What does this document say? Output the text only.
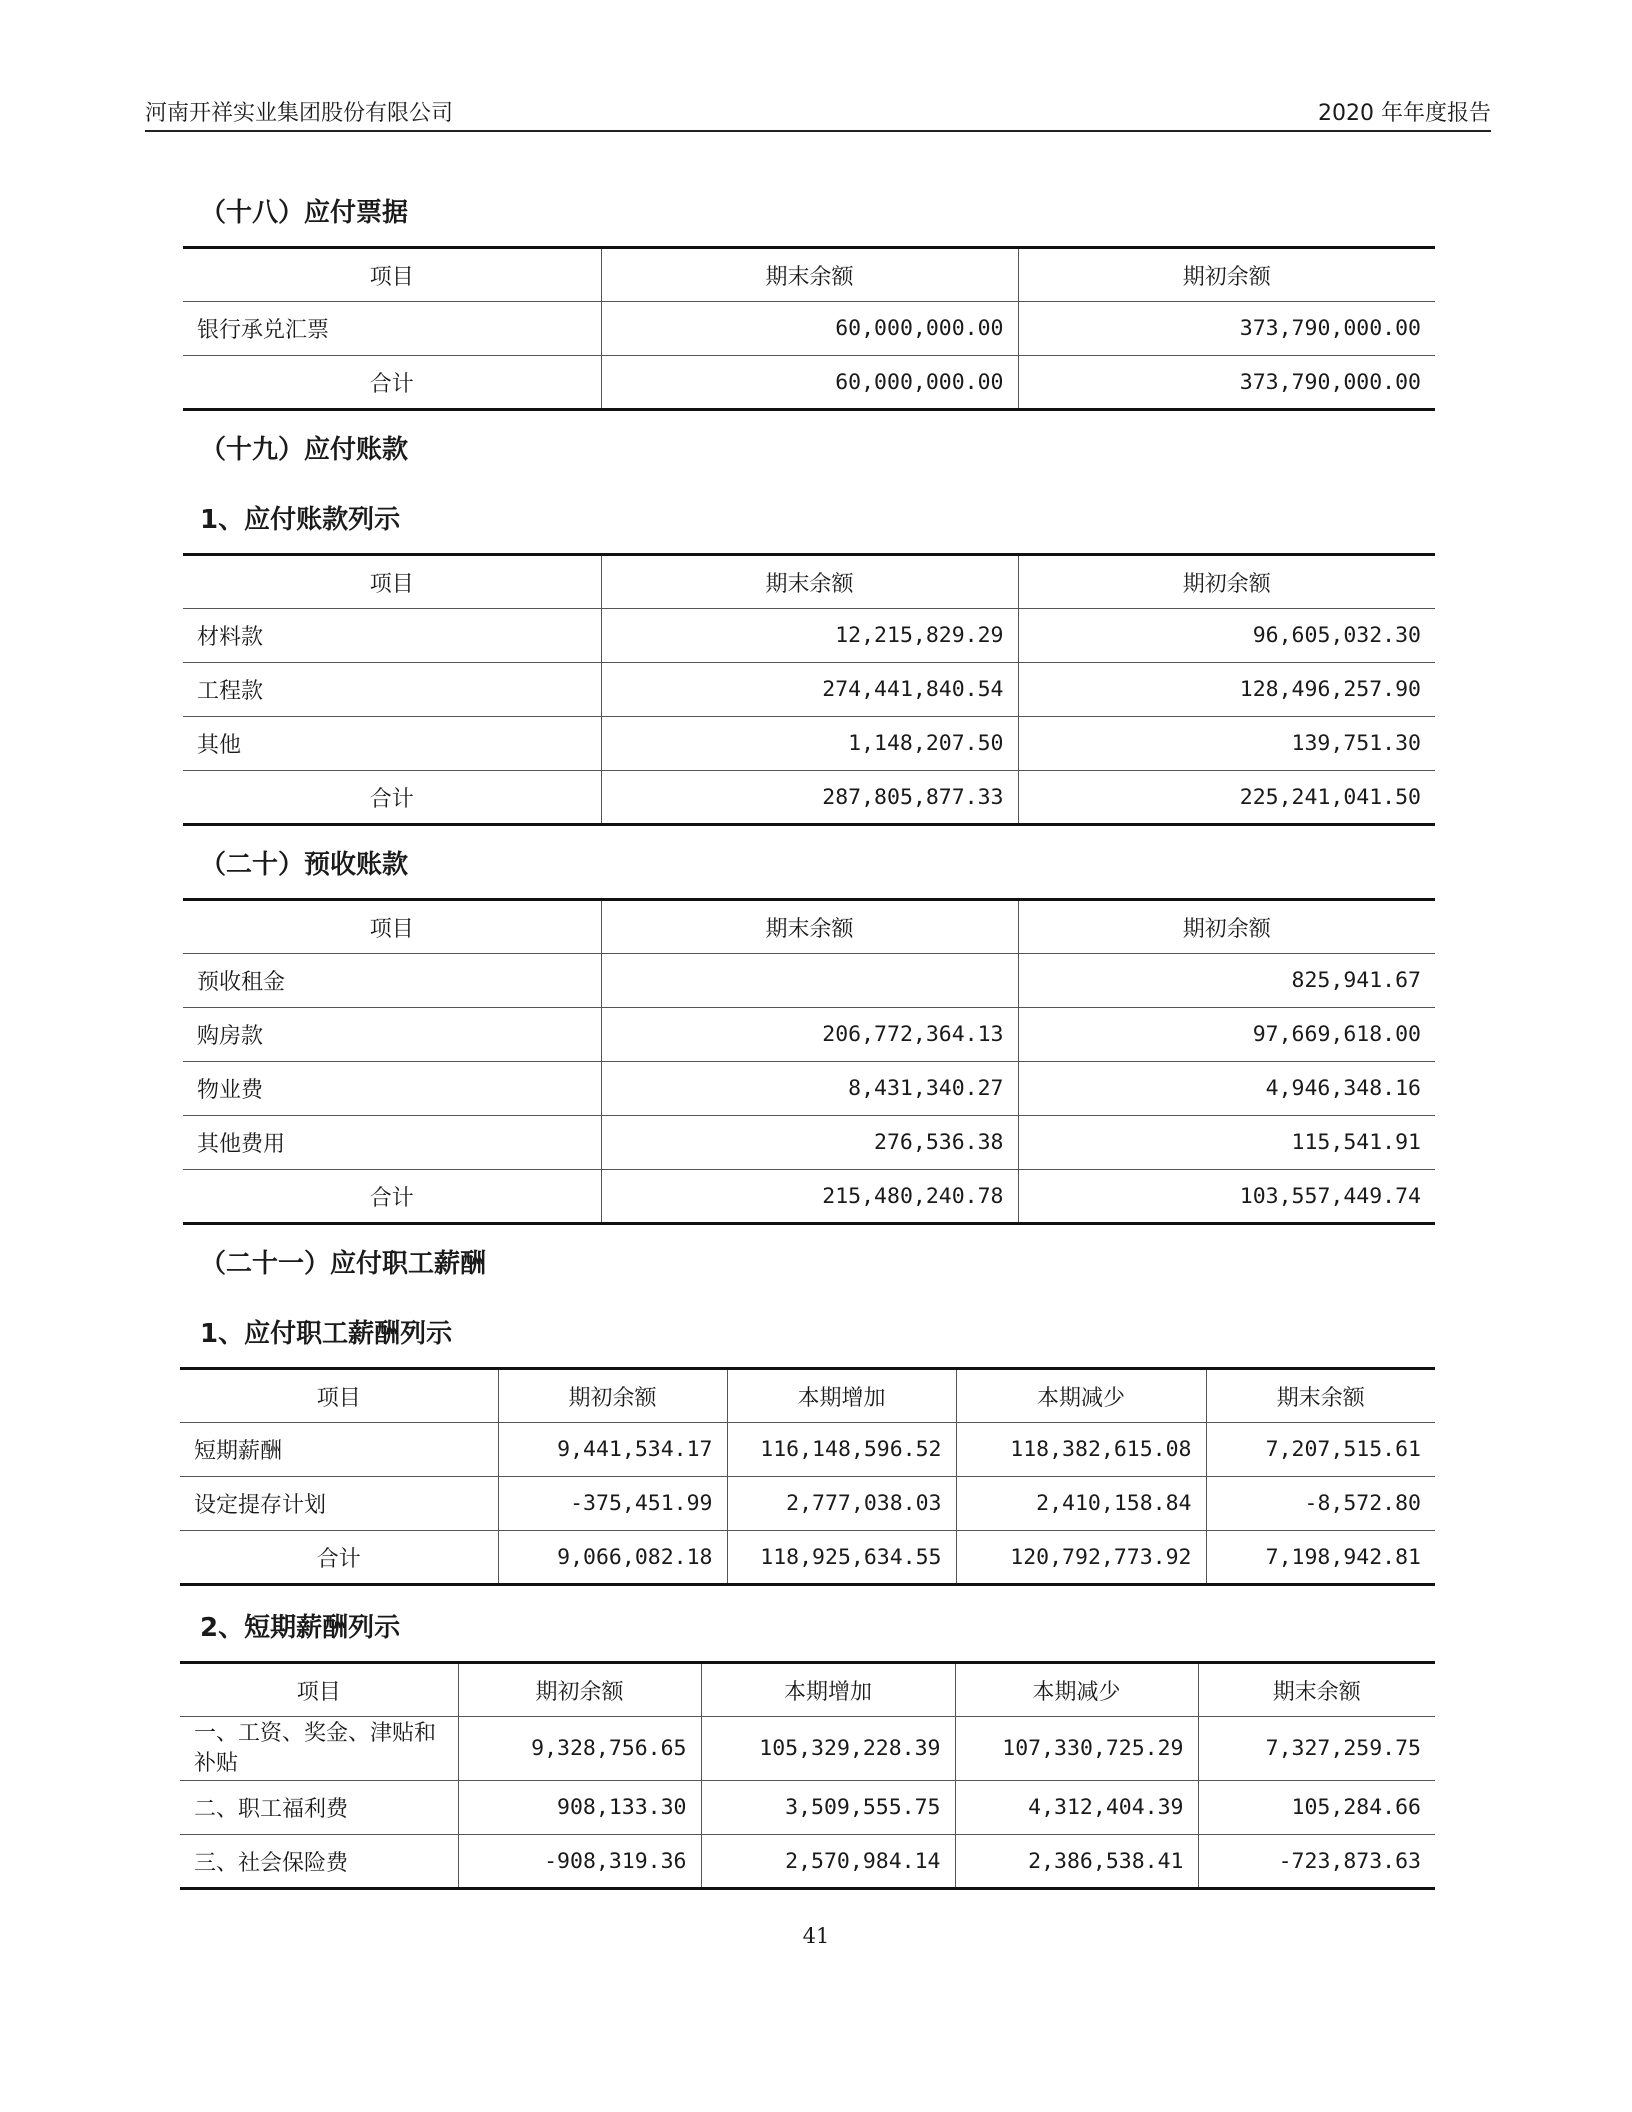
河南开祥实业集团股份有限公司	2020 年年度报告
（十八）应付票据
项目	期末余额	期初余额
银行承兑汇票	60,000,000.00	373,790,000.00
合计	60,000,000.00	373,790,000.00
（十九）应付账款
1、应付账款列示
项目	期末余额	期初余额
材料款	12,215,829.29	96,605,032.30
工程款	274,441,840.54	128,496,257.90
其他	1,148,207.50	139,751.30
合计	287,805,877.33	225,241,041.50
（二十）预收账款
项目	期末余额	期初余额
预收租金		825,941.67
购房款	206,772,364.13	97,669,618.00
物业费	8,431,340.27	4,946,348.16
其他费用	276,536.38	115,541.91
合计	215,480,240.78	103,557,449.74
（二十一）应付职工薪酬
1、应付职工薪酬列示
项目	期初余额	本期增加	本期减少	期末余额
短期薪酬	9,441,534.17	116,148,596.52	118,382,615.08	7,207,515.61
设定提存计划	-375,451.99	2,777,038.03	2,410,158.84	-8,572.80
合计	9,066,082.18	118,925,634.55	120,792,773.92	7,198,942.81
2、短期薪酬列示
项目	期初余额	本期增加	本期减少	期末余额
一、工资、奖金、津贴和补贴	9,328,756.65	105,329,228.39	107,330,725.29	7,327,259.75
二、职工福利费	908,133.30	3,509,555.75	4,312,404.39	105,284.66
三、社会保险费	-908,319.36	2,570,984.14	2,386,538.41	-723,873.63
41
